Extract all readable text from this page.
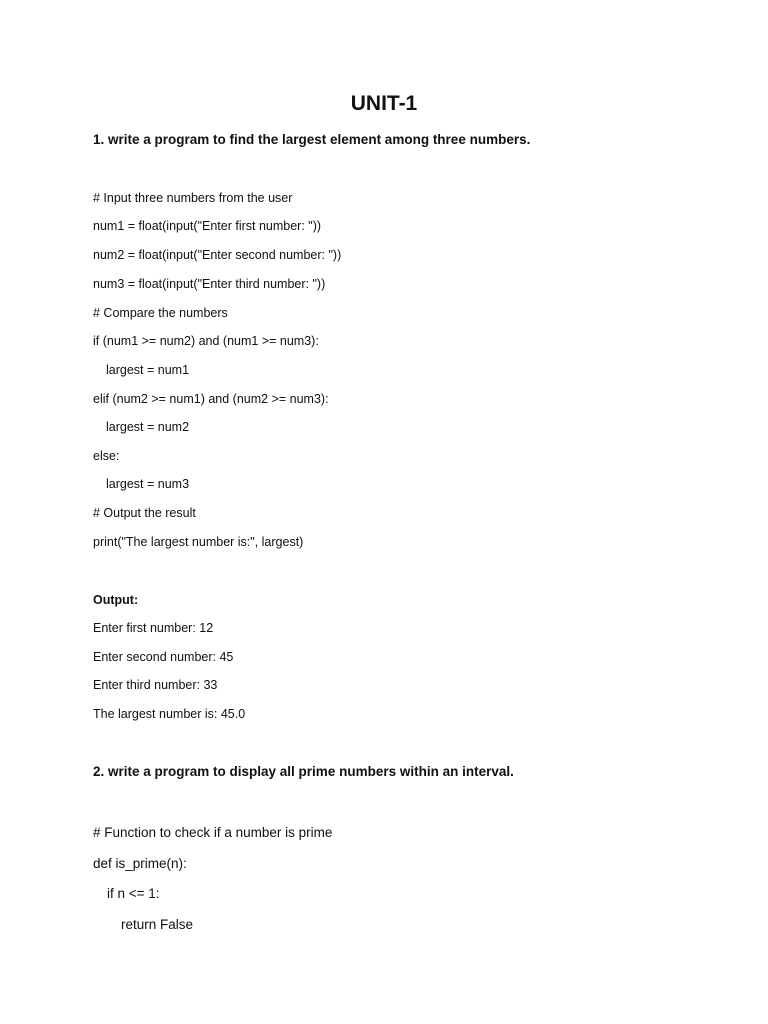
UNIT-1
1. write a program to find the largest element among three numbers.
# Input three numbers from the user
num1 = float(input("Enter first number: "))
num2 = float(input("Enter second number: "))
num3 = float(input("Enter third number: "))
# Compare the numbers
if (num1 >= num2) and (num1 >= num3):
largest = num1
elif (num2 >= num1) and (num2 >= num3):
largest = num2
else:
largest = num3
# Output the result
print("The largest number is:", largest)
Output:
Enter first number: 12
Enter second number: 45
Enter third number: 33
The largest number is: 45.0
2. write a program to display all prime numbers within an interval.
# Function to check if a number is prime
def is_prime(n):
if n <= 1:
return False
